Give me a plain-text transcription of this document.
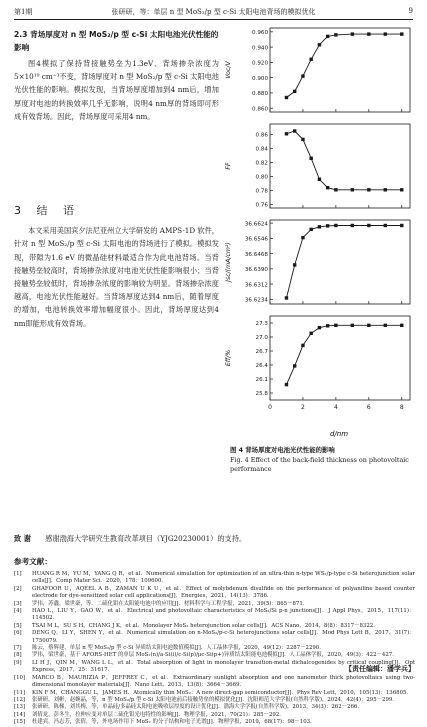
第1期	张研研，等：单层 n 型 MoS₂/p 型 c-Si 太阳电池背场的模拟优化	9
2.3 背场厚度对 n 型 MoS₂/p 型 c-Si 太阳电池光伏性能的影响

图4模拟了保持背接触势垒为1.3eV、背场掺杂浓度为5×10¹⁹ cm⁻³不变，背场厚度对 n 型 MoS₂/p 型 c-Si 太阳电池光伏性能的影响。模拟发现，当背场厚度增加到4 nm后，增加厚度对电池的转换效率几乎无影响，说明4 nm厚的背场即可形成有效背场。因此，背场厚度可采用4 nm。

3 结 语

本文采用美国宾夕法尼亚州立大学研发的 AMPS-1D 软件，针对 n 型 MoS₂/p 型 c-Si 太阳电池的背场进行了模拟。模拟发现，带隙为1.6 eV 的微晶硅材料最适合作为此电池背场。当背接触势垒较高时，背场掺杂浓度对电池光伏性能影响很小；当背接触势垒较低时，背场掺杂浓度的影响较为明显。背场掺杂浓度越高，电池光伏性能越好。当背场厚度达到4 nm后，随着厚度的增加，电池转换效率增加幅度很小。因此，背场厚度达到4 nm即能形成有效背场。

0.960
0.940
0.920
0.900
0.880
0.860
Voc/V
0.86
0.84
0.82
0.80
0.78
0.76
FF
36.6234
36.6312
36.6390
36.6468
36.6546
36.6624
Jsc/(mA/cm²)
27.3
27.0
26.7
26.4
26.1
25.8
Eff/%
0	2	4	6	8
d/nm
图 4 背场厚度对电池光伏性能的影响
Fig. 4 Effect of the back-field thickness on photovoltaic performance
致 谢 感谢渤海大学研究生教育改革项目（YJG20230001）的支持。
参考文献：
[1]	HUANG R M，YU M，YANG Q R，et al．Numerical simulation for optimization of an ultra-thin n-type WS₂/p-type c-Si heterojunction solar cells[J]．Comp Mater Sci．2020，178：109600．
[2]	GHAFOOR U，AQEEL A B，ZAMAN U K U，et al．Effect of molybdenum disulfide on the performance of polyaniline based counter electrode for dye-sensitized solar cell applications[J]．Energies，2021，14(13)：3786．
[3]	罗伟，苏鑫，梁世豪，等．二硫化钼在太阳能电池中的应用[J]．材料科学与工程学报，2021，39(5)：865－871．
[4]	HAO L，LIU Y，GAO W，et al．Electrical and photovoltaic characteristics of MoS₂/Si p-n junctions[J]．J Appl Phys，2015，117(11)：114502．
[5]	TSAI M L，SU S H，CHANG J K，et al．Monolayer MoS₂ heterojunction solar cells[J]．ACS Nano，2014，8(8)：8317－8322．
[6]	DENG Q，LI Y，SHEN Y，et al．Numerical simulation on n-MoS₂/p-c-Si heterojunctions solar cells[J]．Mod Phys Lett B，2017，31(7)：1750079．
[7]	陈云，蔡辉建，单层 n 型 MoS₂/p 型 c-Si 异质结太阳电池数值模拟[J]．人工晶体学报，2020，49(12)：2287－2290．
[8]	罗伟，梁世豪，基于 AFORS-HET 的单层 MoS₂(n)/a-Si(i)/c-Si(p)/μc-Si(p+)异质结太阳能电池模拟[J]．人工晶体学报，2020，49(3)：422－427．
[9]	LI H J，QIN M，WANG L L，et al．Total absorption of light in monolayer transition-metal dichalcogenides by critical coupling[J]．Opt Express，2017，25：31617．
[10]	MARCO B，MAURIZIA P，JEFFREY C，et al．Extraordinary sunlight absorption and one nanometer thick photovoltaics using two-dimensional monolayer materials[J]．Nano Lett，2013，13(8)：3664－3669．
[11]	KIN F M，CHANGGU L，JAMES H．Atomically thin MoS₂：A new direct-gap semiconductor[J]．Phys Rev Lett，2010，105(13)：136805．
[12]	张研研，刘彬，赵婉晶，等，n 型 MoS₂/p 型 c-Si 太阳电池前后接触势垒的模拟优化[J]．沈阳师范大学学报(自然科学版)，2024，42(4)：295－299．
[13]	张研研，陈梯，刘其梅，等，单晶硅/多晶硅太阳电池吸收层厚度的设计优化[J]．渤海大学学报(自然科学版)，2013，34(3)：262－266．
[14]	刘倩龙，彭冬生，拉伸应变对单层二硫化钼光电特性的影响[J]．物理学报，2021，70(21)：285－292．
[15]	杜建宾，冯志芳，张倩，等，外电场作用下 MoS₂ 的分子结构和电子光谱[J]．物理学报，2019，68(17)：98－103．
【责任编辑：潘学兵】
